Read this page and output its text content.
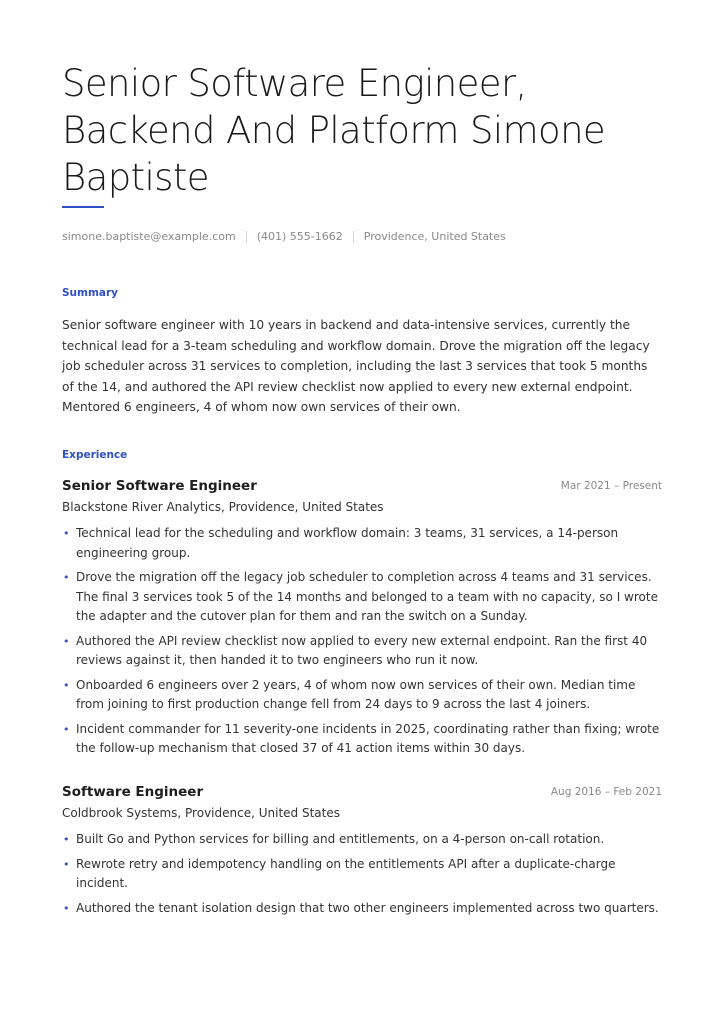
Senior Software Engineer, Backend And Platform Simone Baptiste
simone.baptiste@example.com (401) 555-1662 Providence, United States
Summary

Senior software engineer with 10 years in backend and data-intensive services, currently the technical lead for a 3-team scheduling and workflow domain. Drove the migration off the legacy job scheduler across 31 services to completion, including the last 3 services that took 5 months of the 14, and authored the API review checklist now applied to every new external endpoint. Mentored 6 engineers, 4 of whom now own services of their own.

Experience
Senior Software Engineer	Mar 2021 – Present
Blackstone River Analytics, Providence, United States
• Technical lead for the scheduling and workflow domain: 3 teams, 31 services, a 14-person engineering group.
• Drove the migration off the legacy job scheduler to completion across 4 teams and 31 services. The final 3 services took 5 of the 14 months and belonged to a team with no capacity, so I wrote the adapter and the cutover plan for them and ran the switch on a Sunday.
• Authored the API review checklist now applied to every new external endpoint. Ran the first 40 reviews against it, then handed it to two engineers who run it now.
• Onboarded 6 engineers over 2 years, 4 of whom now own services of their own. Median time from joining to first production change fell from 24 days to 9 across the last 4 joiners.
• Incident commander for 11 severity-one incidents in 2025, coordinating rather than fixing; wrote the follow-up mechanism that closed 37 of 41 action items within 30 days.
Software Engineer	Aug 2016 – Feb 2021
Coldbrook Systems, Providence, United States
• Built Go and Python services for billing and entitlements, on a 4-person on-call rotation.
• Rewrote retry and idempotency handling on the entitlements API after a duplicate-charge incident.
• Authored the tenant isolation design that two other engineers implemented across two quarters.
